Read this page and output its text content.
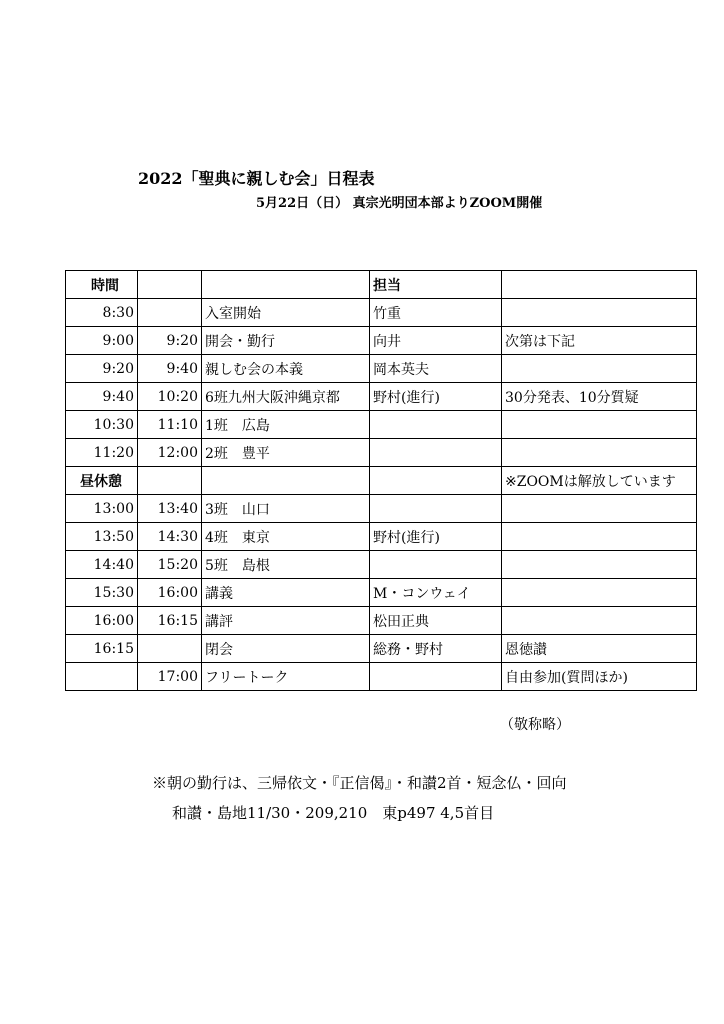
2022「聖典に親しむ会」日程表
5月22日（日） 真宗光明団本部よりZOOM開催
時間			担当	
8:30		入室開始	竹重	
9:00	9:20	開会・勤行	向井	次第は下記
9:20	9:40	親しむ会の本義	岡本英夫	
9:40	10:20	6班九州大阪沖縄京都	野村(進行)	30分発表、10分質疑
10:30	11:10	1班　広島		
11:20	12:00	2班　豊平		
昼休憩				※ZOOMは解放しています
13:00	13:40	3班　山口		
13:50	14:30	4班　東京	野村(進行)	
14:40	15:20	5班　島根		
15:30	16:00	講義	M・コンウェイ	
16:00	16:15	講評	松田正典	
16:15		閉会	総務・野村	恩徳讃
	17:00	フリートーク		自由参加(質問ほか)
（敬称略）
※朝の勤行は、三帰依文・『正信偈』・和讃2首・短念仏・回向
和讃・島地11/30・209,210　東p497 4,5首目
